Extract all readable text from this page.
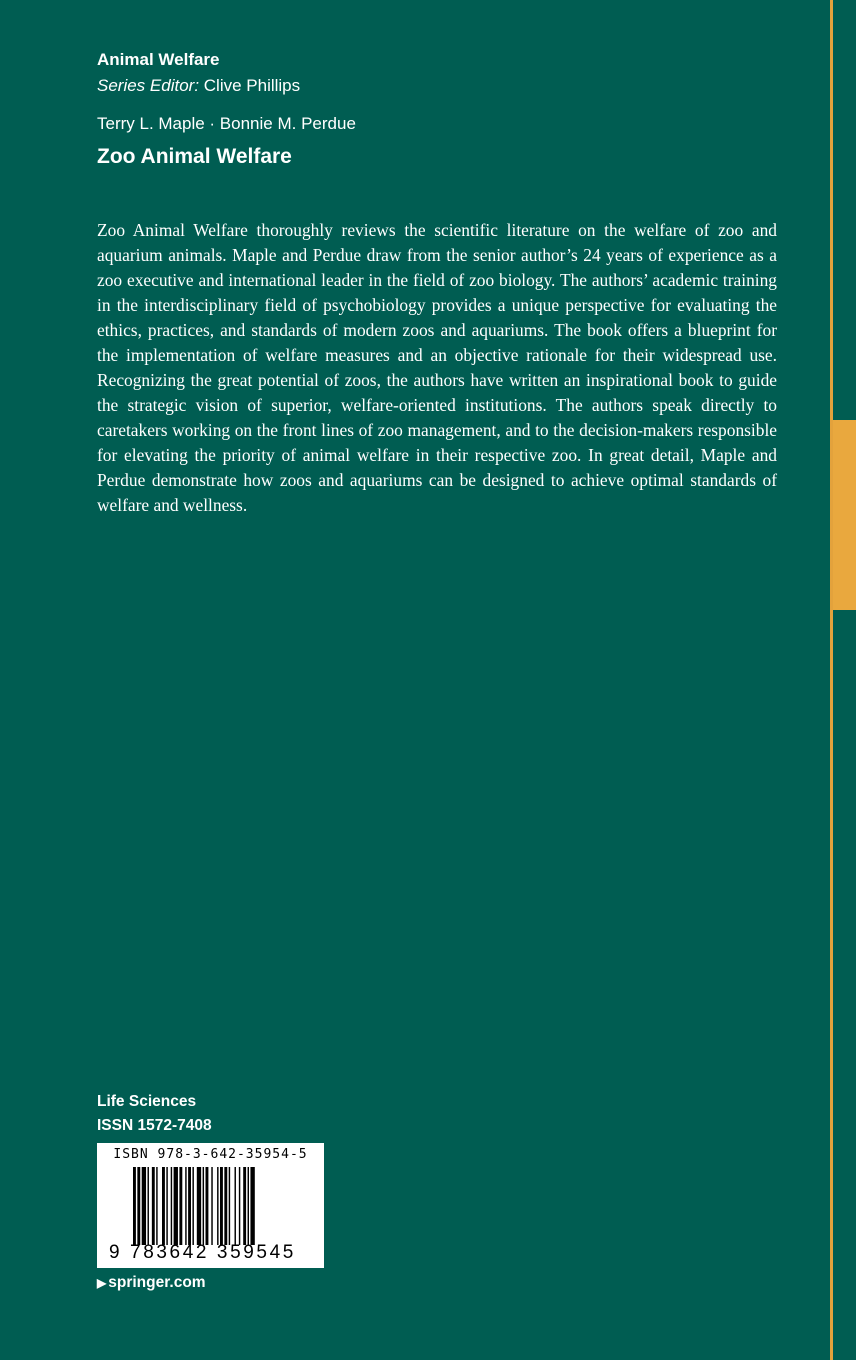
Animal Welfare
Series Editor: Clive Phillips
Terry L. Maple · Bonnie M. Perdue
Zoo Animal Welfare

Zoo Animal Welfare thoroughly reviews the scientific literature on the welfare of zoo and aquarium animals. Maple and Perdue draw from the senior author’s 24 years of experience as a zoo executive and international leader in the field of zoo biology. The authors’ academic training in the interdisciplinary field of psychobiology provides a unique perspective for evaluating the ethics, practices, and standards of modern zoos and aquariums. The book offers a blueprint for the implementation of welfare measures and an objective rationale for their widespread use. Recognizing the great potential of zoos, the authors have written an inspirational book to guide the strategic vision of superior, welfare-oriented institutions. The authors speak directly to caretakers working on the front lines of zoo management, and to the decision-makers responsible for elevating the priority of animal welfare in their respective zoo. In great detail, Maple and Perdue demonstrate how zoos and aquariums can be designed to achieve optimal standards of welfare and wellness.

Life Sciences
ISSN 1572-7408
ISBN 978-3-642-35954-5
9 783642 359545
▶ springer.com
